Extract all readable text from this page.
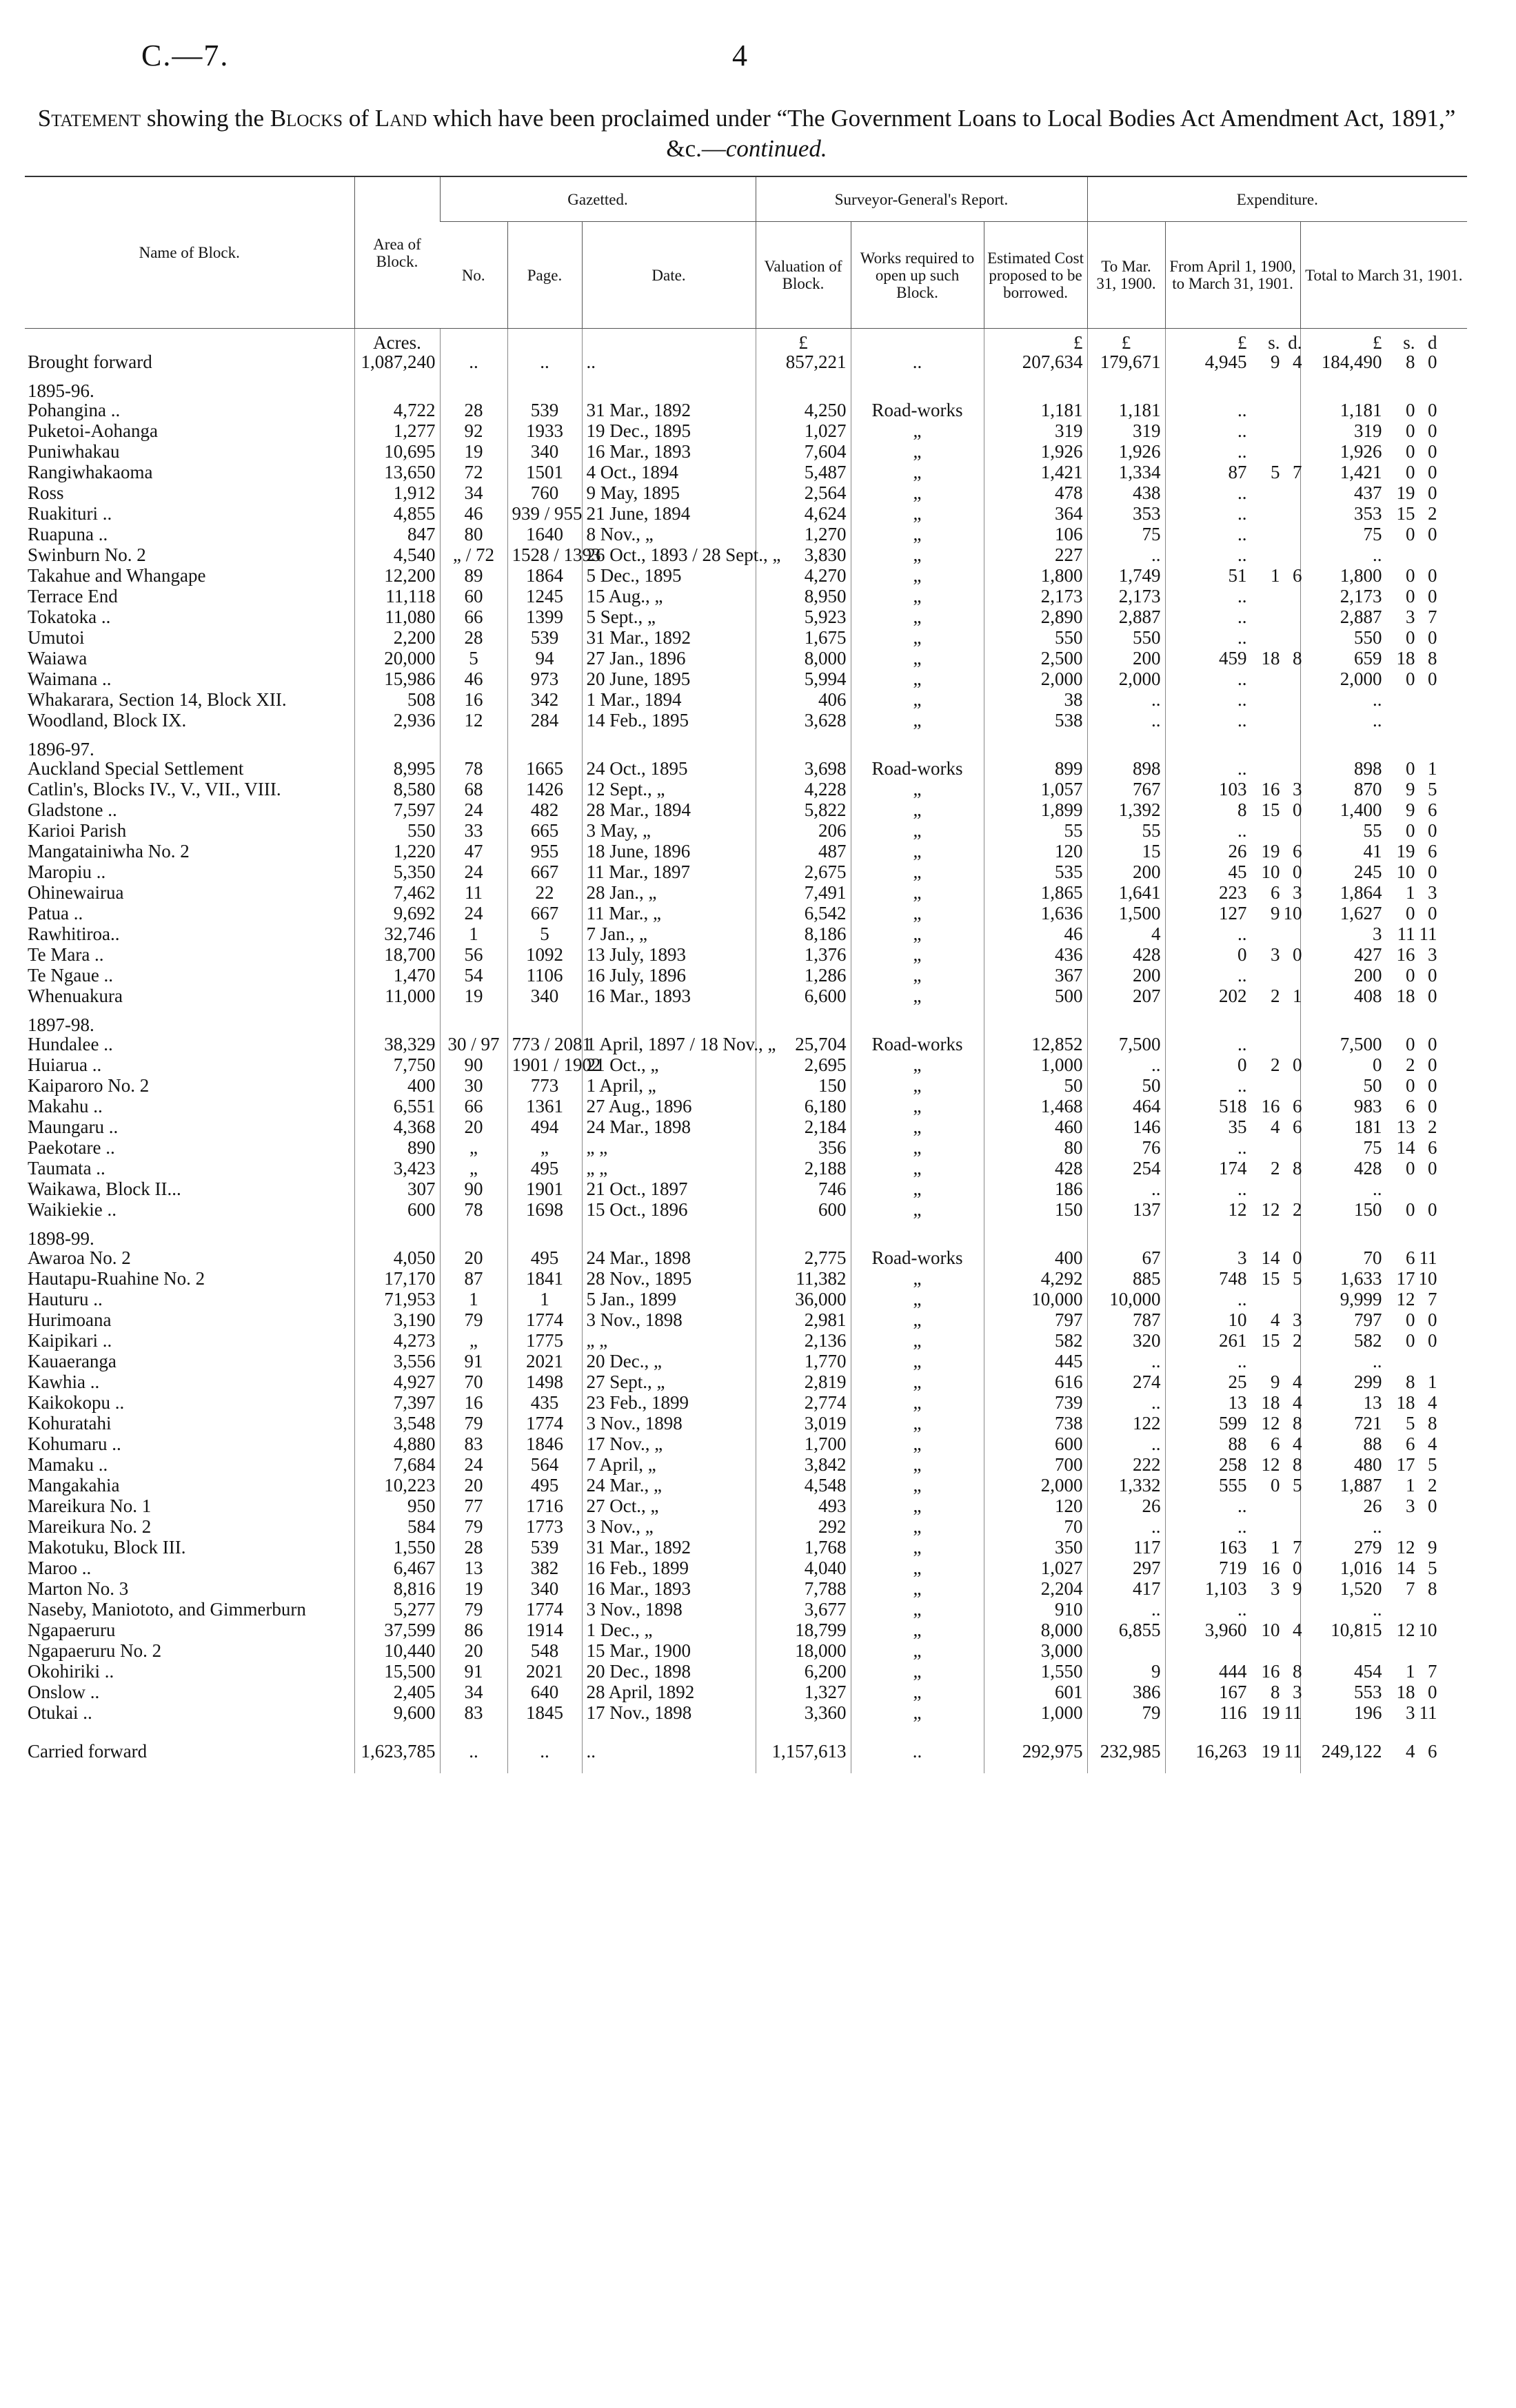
C.—7.	4
Statement showing the Blocks of Land which have been proclaimed under “The Government Loans to Local Bodies Act Amendment Act, 1891,” &c.—continued.
Name of Block.	Area of Block.	Gazetted.			Surveyor-General's Report.			Expenditure.		
		No.	Page.	Date.	Valuation of Block.	Works required to open up such Block.	Estimated Cost proposed to be borrowed.	To Mar. 31, 1900.	From April 1, 1900, to March 31, 1901.	Total to March 31, 1901.
	Acres.				£		£	£	£ s. d.	£ s. d
Brought forward	1,087,240	..	..	..	857,221	..	207,634	179,671	4,945 9 4	184,490 8 0
1895-96.										
Pohangina ..	4,722	28	539	31 Mar., 1892	4,250	Road-works	1,181	1,181	..	1,181 0 0
Puketoi-Aohanga	1,277	92	1933	19 Dec., 1895	1,027	„	319	319	..	319 0 0
Puniwhakau	10,695	19	340	16 Mar., 1893	7,604	„	1,926	1,926	..	1,926 0 0
Rangiwhakaoma	13,650	72	1501	4 Oct., 1894	5,487	„	1,421	1,334	87 5 7	1,421 0 0
Ross	1,912	34	760	9 May, 1895	2,564	„	478	438	..	437 19 0
Ruakituri ..	4,855	46	939 / 955	21 June, 1894	4,624	„	364	353	..	353 15 2
Ruapuna ..	847	80	1640	8 Nov., „	1,270	„	106	75	..	75 0 0
Swinburn No. 2	4,540	„ / 72	1528 / 1393	26 Oct., 1893 / 28 Sept., „	3,830	„	227	..	..	..
Takahue and Whangape	12,200	89	1864	5 Dec., 1895	4,270	„	1,800	1,749	51 1 6	1,800 0 0
Terrace End	11,118	60	1245	15 Aug., „	8,950	„	2,173	2,173	..	2,173 0 0
Tokatoka ..	11,080	66	1399	5 Sept., „	5,923	„	2,890	2,887	..	2,887 3 7
Umutoi	2,200	28	539	31 Mar., 1892	1,675	„	550	550	..	550 0 0
Waiawa	20,000	5	94	27 Jan., 1896	8,000	„	2,500	200	459 18 8	659 18 8
Waimana ..	15,986	46	973	20 June, 1895	5,994	„	2,000	2,000	..	2,000 0 0
Whakarara, Section 14, Block XII.	508	16	342	1 Mar., 1894	406	„	38	..	..	..
Woodland, Block IX.	2,936	12	284	14 Feb., 1895	3,628	„	538	..	..	..
1896-97.										
Auckland Special Settlement	8,995	78	1665	24 Oct., 1895	3,698	Road-works	899	898	..	898 0 1
Catlin's, Blocks IV., V., VII., VIII.	8,580	68	1426	12 Sept., „	4,228	„	1,057	767	103 16 3	870 9 5
Gladstone ..	7,597	24	482	28 Mar., 1894	5,822	„	1,899	1,392	8 15 0	1,400 9 6
Karioi Parish	550	33	665	3 May, „	206	„	55	55	..	55 0 0
Mangatainiwha No. 2	1,220	47	955	18 June, 1896	487	„	120	15	26 19 6	41 19 6
Maropiu ..	5,350	24	667	11 Mar., 1897	2,675	„	535	200	45 10 0	245 10 0
Ohinewairua	7,462	11	22	28 Jan., „	7,491	„	1,865	1,641	223 6 3	1,864 1 3
Patua ..	9,692	24	667	11 Mar., „	6,542	„	1,636	1,500	127 9 10	1,627 0 0
Rawhitiroa..	32,746	1	5	7 Jan., „	8,186	„	46	4	..	3 11 11
Te Mara ..	18,700	56	1092	13 July, 1893	1,376	„	436	428	0 3 0	427 16 3
Te Ngaue ..	1,470	54	1106	16 July, 1896	1,286	„	367	200	..	200 0 0
Whenuakura	11,000	19	340	16 Mar., 1893	6,600	„	500	207	202 2 1	408 18 0
1897-98.										
Hundalee ..	38,329	30 / 97	773 / 2081	1 April, 1897 / 18 Nov., „	25,704	Road-works	12,852	7,500	..	7,500 0 0
Huiarua ..	7,750	90	1901 / 1902	21 Oct., „	2,695	„	1,000	..	0 2 0	0 2 0
Kaiparoro No. 2	400	30	773	1 April, „	150	„	50	50	..	50 0 0
Makahu ..	6,551	66	1361	27 Aug., 1896	6,180	„	1,468	464	518 16 6	983 6 0
Maungaru ..	4,368	20	494	24 Mar., 1898	2,184	„	460	146	35 4 6	181 13 2
Paekotare ..	890	„	„	„ „	356	„	80	76	..	75 14 6
Taumata ..	3,423	„	495	„ „	2,188	„	428	254	174 2 8	428 0 0
Waikawa, Block II...	307	90	1901	21 Oct., 1897	746	„	186	..	..	..
Waikiekie ..	600	78	1698	15 Oct., 1896	600	„	150	137	12 12 2	150 0 0
1898-99.										
Awaroa No. 2	4,050	20	495	24 Mar., 1898	2,775	Road-works	400	67	3 14 0	70 6 11
Hautapu-Ruahine No. 2	17,170	87	1841	28 Nov., 1895	11,382	„	4,292	885	748 15 5	1,633 17 10
Hauturu ..	71,953	1	1	5 Jan., 1899	36,000	„	10,000	10,000	..	9,999 12 7
Hurimoana	3,190	79	1774	3 Nov., 1898	2,981	„	797	787	10 4 3	797 0 0
Kaipikari ..	4,273	„	1775	„ „	2,136	„	582	320	261 15 2	582 0 0
Kauaeranga	3,556	91	2021	20 Dec., „	1,770	„	445	..	..	..
Kawhia ..	4,927	70	1498	27 Sept., „	2,819	„	616	274	25 9 4	299 8 1
Kaikokopu ..	7,397	16	435	23 Feb., 1899	2,774	„	739	..	13 18 4	13 18 4
Kohuratahi	3,548	79	1774	3 Nov., 1898	3,019	„	738	122	599 12 8	721 5 8
Kohumaru ..	4,880	83	1846	17 Nov., „	1,700	„	600	..	88 6 4	88 6 4
Mamaku ..	7,684	24	564	7 April, „	3,842	„	700	222	258 12 8	480 17 5
Mangakahia	10,223	20	495	24 Mar., „	4,548	„	2,000	1,332	555 0 5	1,887 1 2
Mareikura No. 1	950	77	1716	27 Oct., „	493	„	120	26	..	26 3 0
Mareikura No. 2	584	79	1773	3 Nov., „	292	„	70	..	..	..
Makotuku, Block III.	1,550	28	539	31 Mar., 1892	1,768	„	350	117	163 1 7	279 12 9
Maroo ..	6,467	13	382	16 Feb., 1899	4,040	„	1,027	297	719 16 0	1,016 14 5
Marton No. 3	8,816	19	340	16 Mar., 1893	7,788	„	2,204	417	1,103 3 9	1,520 7 8
Naseby, Maniototo, and Gimmerburn	5,277	79	1774	3 Nov., 1898	3,677	„	910	..	..	..
Ngapaeruru	37,599	86	1914	1 Dec., „	18,799	„	8,000	6,855	3,960 10 4	10,815 12 10
Ngapaeruru No. 2	10,440	20	548	15 Mar., 1900	18,000	„	3,000			
Okohiriki ..	15,500	91	2021	20 Dec., 1898	6,200	„	1,550	9	444 16 8	454 1 7
Onslow ..	2,405	34	640	28 April, 1892	1,327	„	601	386	167 8 3	553 18 0
Otukai ..	9,600	83	1845	17 Nov., 1898	3,360	„	1,000	79	116 19 11	196 3 11

Carried forward	1,623,785	..	..	..	1,157,613	..	292,975	232,985	16,263 19 11	249,122 4 6
